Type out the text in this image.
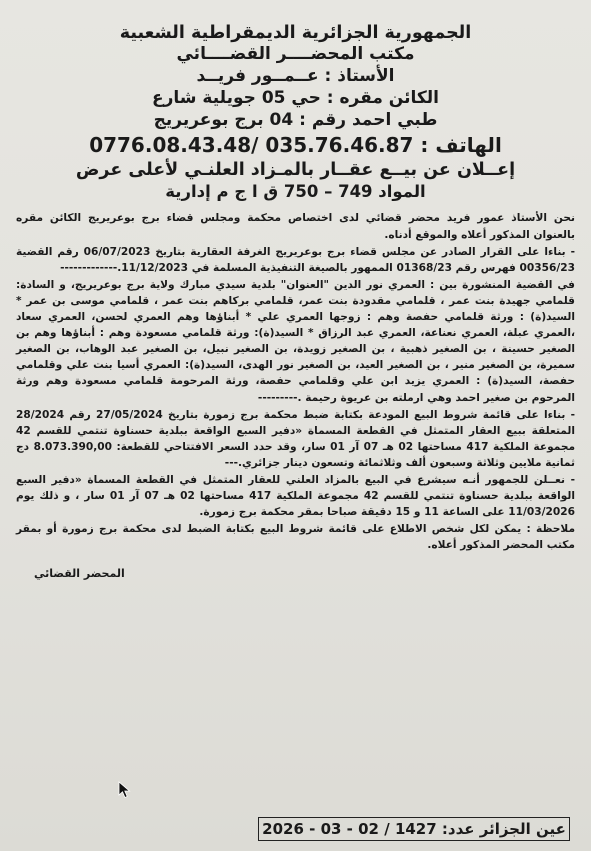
الجمهورية الجزائرية الديمقراطية الشعبية
مكتب المحضــــر القضــــائي
الأستاذ : عــمــور فريــد
الكائن مقره : حي 05 جويلية شارع
طبي احمد رقم : 04 برج بوعريريج
الهاتف : 035.76.46.87 /0776.08.43.48
إعــلان عن بيــع عقــار بالمـزاد العلنـي لأعلى عرض
المواد 749 – 750 ق ا ج م إدارية

نحن الأستاذ عمور فريد محضر قضائي لدى اختصاص محكمة ومجلس قضاء برج بوعريريج الكائن مقره بالعنوان المذكور أعلاه والموقع أدناه.

- بناءا على القرار الصادر عن مجلس قضاء برج بوعريريج الغرفة العقارية بتاريخ 06/07/2023 رقم القضية 00356/23 فهرس رقم 01368/23 الممهور بالصيغة التنفيذية المسلمة في 11/12/2023.-------------

في القضية المنشورة بين : العمري نور الدين "العنوان" بلدية سيدي مبارك ولاية برج بوعريريج، و السادة: قلمامي جهيدة بنت عمر ، قلمامي مقدودة بنت عمر، قلمامي بركاهم بنت عمر ، قلمامي موسى بن عمر * السيد(ة) : ورثة قلمامي حفصة وهم : زوجها العمري علي * أبناؤها وهم العمري لحسن، العمري سعاد ،العمري عبلة، العمري نعناعة، العمري عبد الرزاق * السيد(ة): ورثة قلمامي مسعودة وهم : أبناؤها وهم بن الصغير حسينة ، بن الصغير ذهبية ، بن الصغير زويدة، بن الصغير نبيل، بن الصغير عبد الوهاب، بن الصغير سميرة، بن الصغير منير ، بن الصغير العيد، بن الصغير نور الهدى، السيد(ة): العمري أسيا بنت علي وقلمامي حفصة، السيد(ة) : العمري يزيد ابن علي وقلمامي حفصة، ورثة المرحومة قلمامي مسعودة وهم ورثة المرحوم بن صغير احمد وهي ارملته بن عريوة رحيمة .---------

- بناءا على قائمة شروط البيع المودعة بكتابة ضبط محكمة برج زمورة بتاريخ 27/05/2024 رقم 28/2024 المتعلقة ببيع العقار المتمثل في القطعة المسماة «دفير السبع الواقعة ببلدية حسناوة تنتمي للقسم 42 مجموعة الملكية 417 مساحتها 02 هـ 07 آر 01 سار، وقد حدد السعر الافتتاحي للقطعة: 8.073.390,00 دج ثمانية ملايين وثلاثة وسبعون ألف وثلاثمائة وتسعون دينار جزائري.---

- نعــلن للجمهور أنـه سيشرع في البيع بالمزاد العلني للعقار المتمثل في القطعة المسماة «دفير السبع الواقعة ببلدية حسناوة تنتمي للقسم 42 مجموعة الملكية 417 مساحتها 02 هـ 07 آر 01 سار ، و ذلك يوم 11/03/2026 على الساعة 11 و 15 دقيقة صباحا بمقر محكمة برج زمورة.

ملاحظة : يمكن لكل شخص الاطلاع على قائمة شروط البيع بكتابة الضبط لدى محكمة برج زمورة أو بمقر مكتب المحضر المذكور أعلاه.

المحضر القضائي
عين الجزائر عدد: 1427 / 02 - 03 - 2026
